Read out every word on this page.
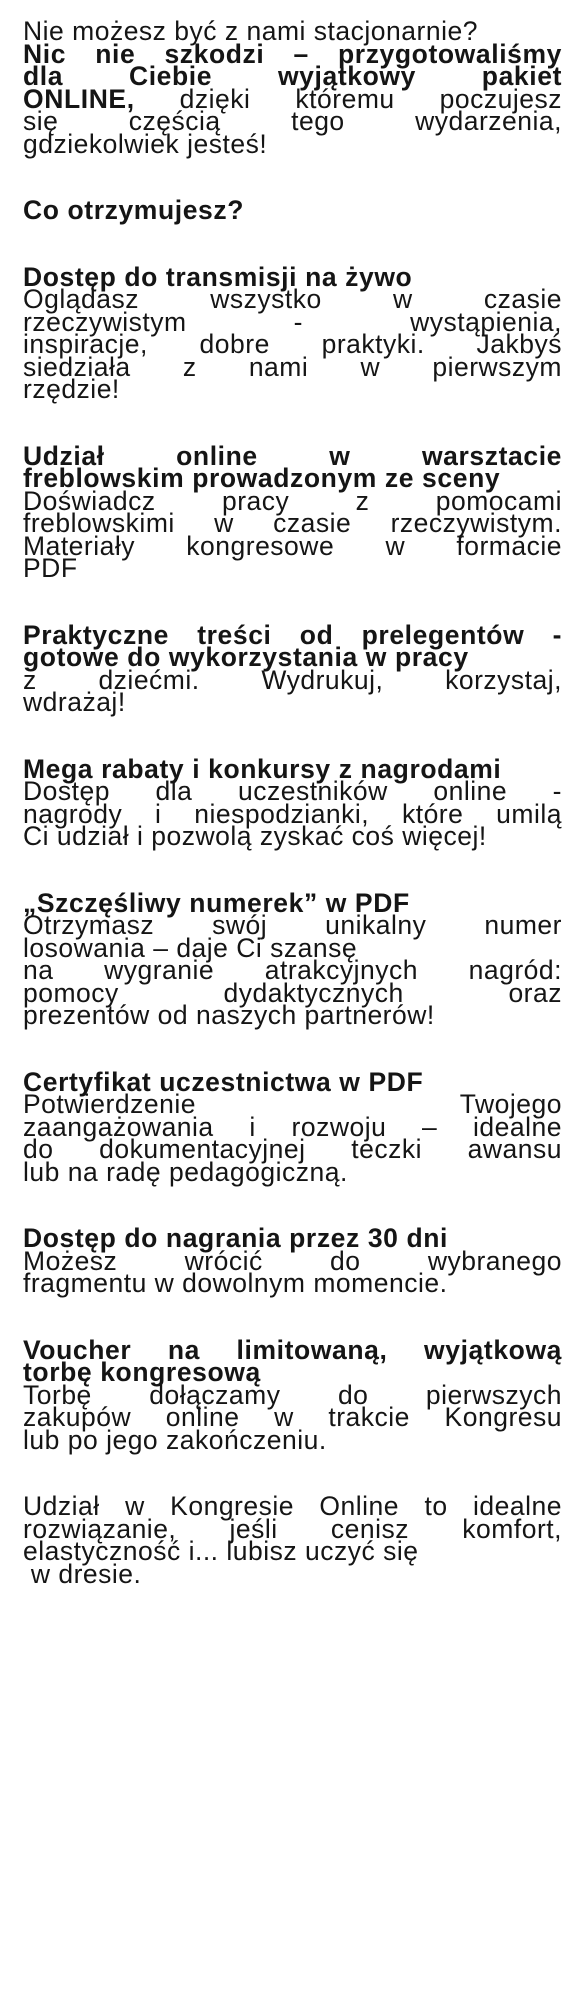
Nie możesz być z nami stacjonarnie?
Nic nie szkodzi – przygotowaliśmy
dla Ciebie wyjątkowy pakiet
ONLINE, dzięki któremu poczujesz
się częścią tego wydarzenia,
gdziekolwiek jesteś!
Co otrzymujesz?
Dostęp do transmisji na żywo
Oglądasz wszystko w czasie
rzeczywistym - wystąpienia,
inspiracje, dobre praktyki. Jakbyś
siedziała z nami w pierwszym
rzędzie!
Udział online w warsztacie
freblowskim prowadzonym ze sceny
Doświadcz pracy z pomocami
freblowskimi w czasie rzeczywistym.
Materiały kongresowe w formacie
PDF
Praktyczne treści od prelegentów -
gotowe do wykorzystania w pracy
z dziećmi. Wydrukuj, korzystaj,
wdrażaj!
Mega rabaty i konkursy z nagrodami
Dostęp dla uczestników online -
nagrody i niespodzianki, które umilą
Ci udział i pozwolą zyskać coś więcej!
„Szczęśliwy numerek” w PDF
Otrzymasz swój unikalny numer
losowania – daje Ci szansę
na wygranie atrakcyjnych nagród:
pomocy dydaktycznych oraz
prezentów od naszych partnerów!
Certyfikat uczestnictwa w PDF
Potwierdzenie Twojego
zaangażowania i rozwoju – idealne
do dokumentacyjnej teczki awansu
lub na radę pedagogiczną.
Dostęp do nagrania przez 30 dni
Możesz wrócić do wybranego
fragmentu w dowolnym momencie.
Voucher na limitowaną, wyjątkową
torbę kongresową
Torbę dołączamy do pierwszych
zakupów online w trakcie Kongresu
lub po jego zakończeniu.
Udział w Kongresie Online to idealne
rozwiązanie, jeśli cenisz komfort,
elastyczność i... lubisz uczyć się
w dresie.
